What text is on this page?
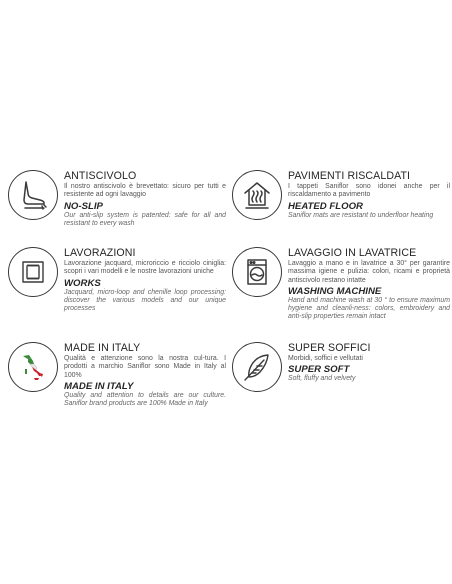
ANTISCIVOLO

Il nostro antiscivolo è brevettato: sicuro per tutti e resistente ad ogni lavaggio

NO-SLIP

Our anti-slip system is patented: safe for all and resistant to every wash

PAVIMENTI RISCALDATI

I tappeti Saniflor sono idonei anche per il riscaldamento a pavimento

HEATED FLOOR

Saniflor mats are resistant to underfloor heating

LAVORAZIONI

Lavorazione jacquard, microriccio e ricciolo ciniglia: scopri i vari modelli e le nostre lavorazioni uniche

WORKS

Jacquard, micro-loop and chenille loop processing: discover the various models and our unique processes

LAVAGGIO IN LAVATRICE

Lavaggio a mano e in lavatrice a 30° per garantire massima igiene e pulizia: colori, ricami e proprietà antiscivolo restano intatte

WASHING MACHINE

Hand and machine wash at 30 ° to ensure maximum hygiene and cleanli-ness: colors, embroidery and anti-slip properties remain intact

MADE IN ITALY

Qualità e attenzione sono la nostra cul-tura. I prodotti a marchio Saniflor sono Made in Italy al 100%

MADE IN ITALY

Quality and attention to details are our culture. Saniflor brand products are 100% Made in Italy

SUPER SOFFICI

Morbidi, soffici e vellutati

SUPER SOFT

Soft, fluffy and velvety
